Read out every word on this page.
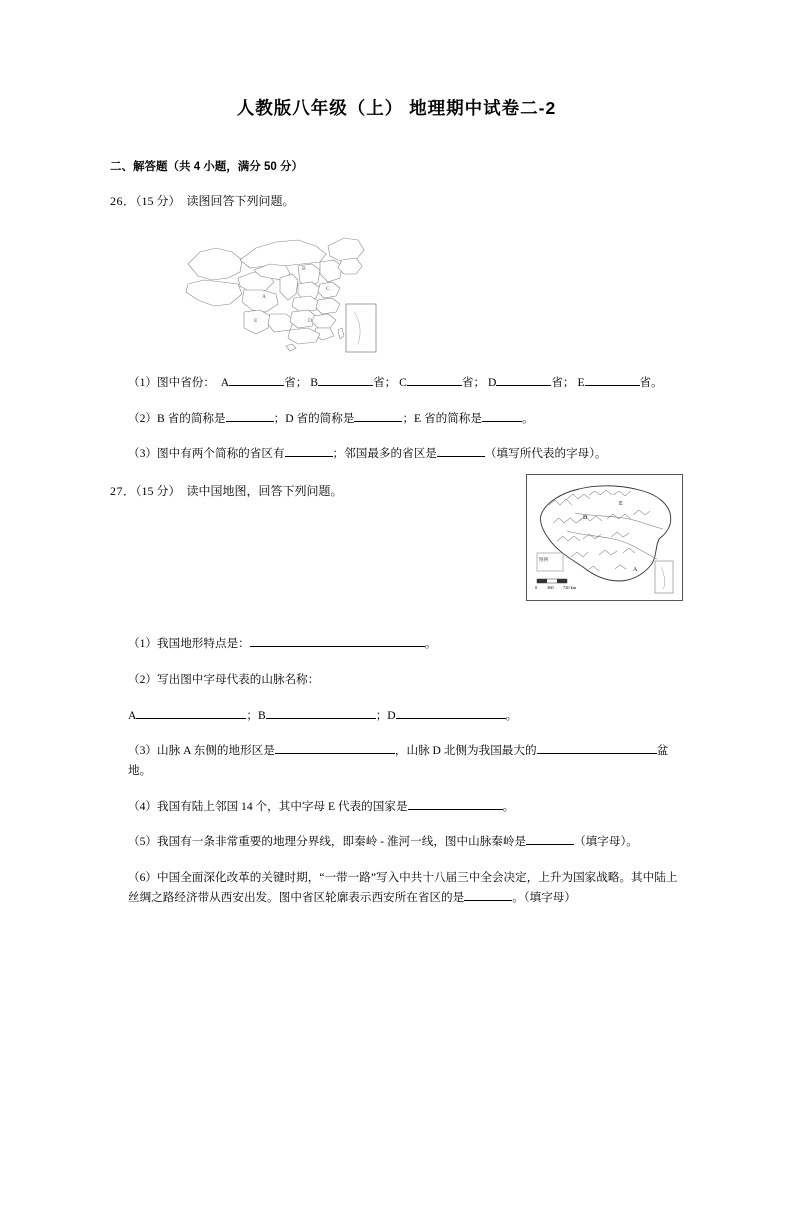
人教版八年级（上） 地理期中试卷二-2
二、解答题（共 4 小题，满分 50 分）
26．（15 分） 读图回答下列问题。
A
B
C
D
E
（1）图中省份： A	省； B	省； C	省； D	省； E	省。
（2）B 省的简称是	；D 省的简称是	；E 省的简称是	。
（3）图中有两个简称的省区有	；邻国最多的省区是	（填写所代表的字母）。
27．（15 分） 读中国地图，回答下列问题。
D
E
A
图例
0 360 720 km
（1）我国地形特点是：	。
（2）写出图中字母代表的山脉名称：
A	；B	；D	。
（3）山脉 A 东侧的地形区是	，山脉 D 北侧为我国最大的	盆地。
（4）我国有陆上邻国 14 个，其中字母 E 代表的国家是	。
（5）我国有一条非常重要的地理分界线，即秦岭 - 淮河一线，图中山脉秦岭是	（填字母）。
（6）中国全面深化改革的关键时期，“一带一路”写入中共十八届三中全会决定，上升为国家战略。其中陆上丝绸之路经济带从西安出发。图中省区轮廓表示西安所在省区的是	。（填字母）
